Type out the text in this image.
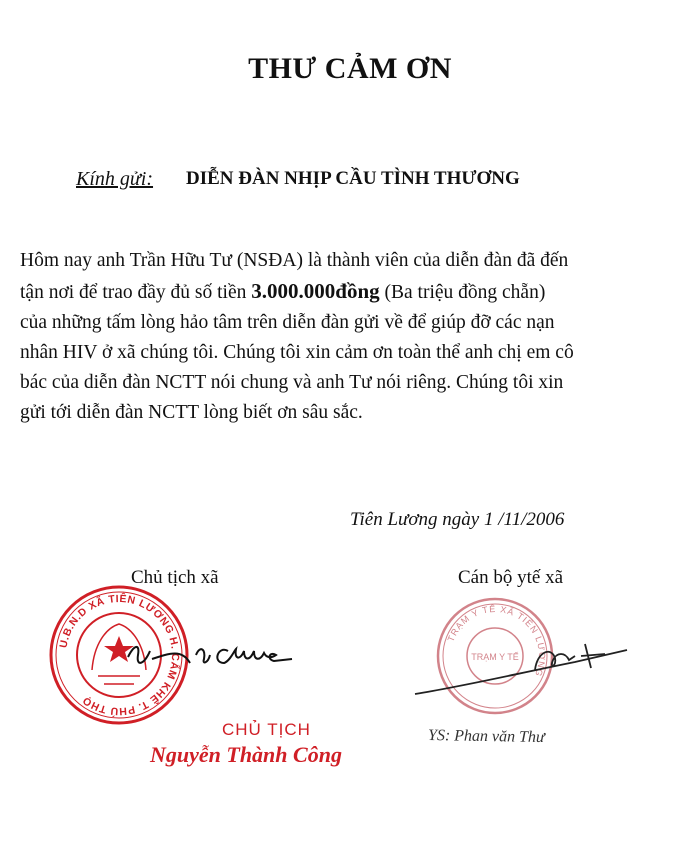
THƯ CẢM ƠN
Kính gửi: DIỄN ĐÀN NHỊP CẦU TÌNH THƯƠNG
Hôm nay anh Trần Hữu Tư (NSĐA) là thành viên của diễn đàn đã đến
tận nơi để trao đầy đủ số tiền 3.000.000đồng (Ba triệu đồng chẵn)
của những tấm lòng hảo tâm trên diễn đàn gửi về để giúp đỡ các nạn
nhân HIV ở xã chúng tôi. Chúng tôi xin cảm ơn toàn thể anh chị em cô
bác của diễn đàn NCTT nói chung và anh Tư nói riêng. Chúng tôi xin
gửi tới diễn đàn NCTT lòng biết ơn sâu sắc.
Tiên Lương ngày 1 /11/2006
Chủ tịch xã	Cán bộ ytế xã
U.B.N.D XÃ TIÊN LƯƠNG H. CẨM KHÊ T. PHÚ THỌ
CHỦ TỊCH
Nguyễn Thành Công
TRẠM Y TẾ XÃ TIÊN LƯƠNG
TRẠM Y TẾ
YS: Phan văn Thư
